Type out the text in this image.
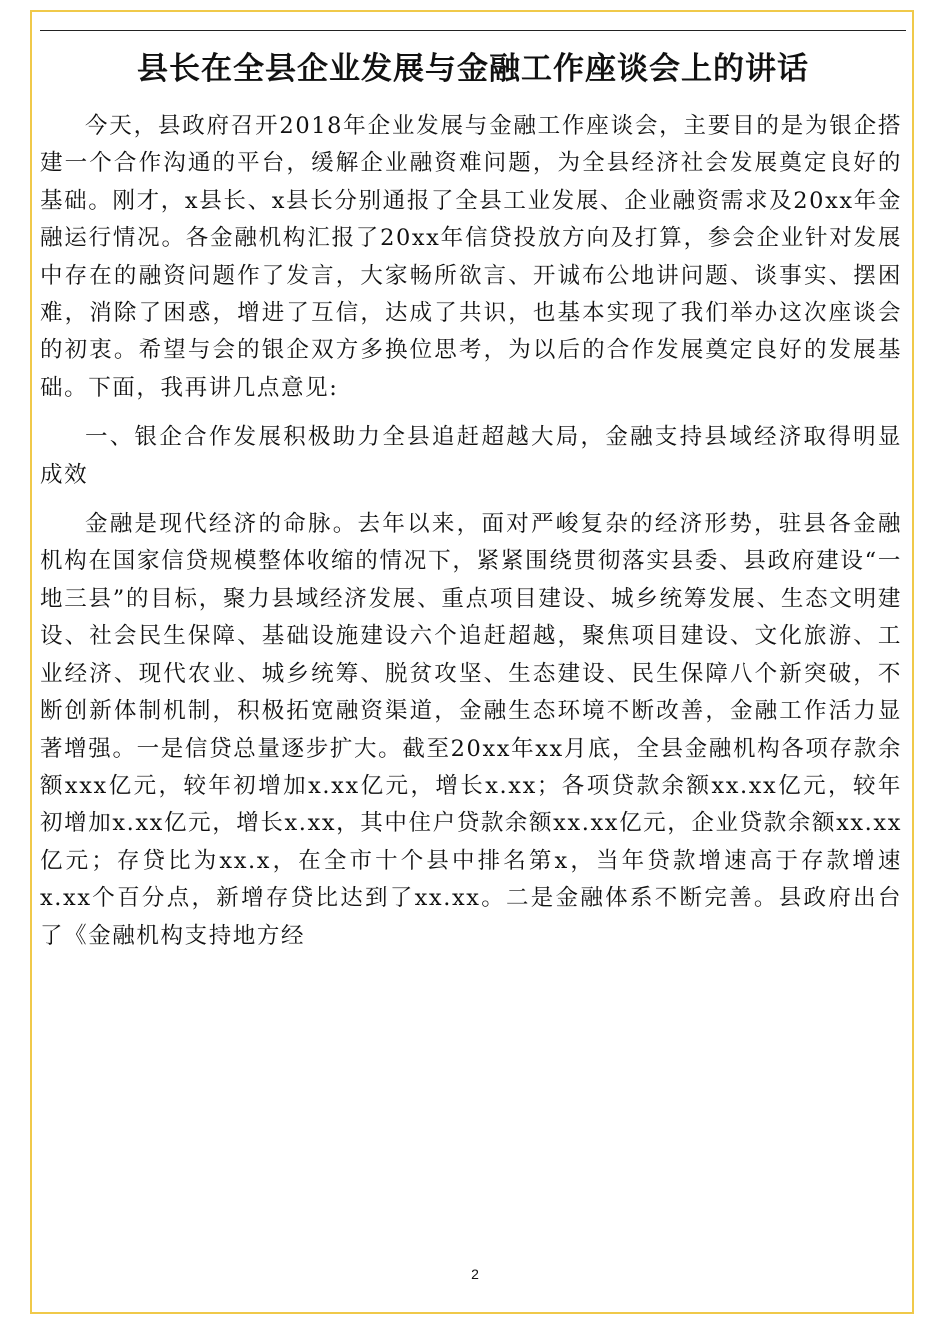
县长在全县企业发展与金融工作座谈会上的讲话

今天，县政府召开2018年企业发展与金融工作座谈会，主要目的是为银企搭建一个合作沟通的平台，缓解企业融资难问题，为全县经济社会发展奠定良好的基础。刚才，x县长、x县长分别通报了全县工业发展、企业融资需求及20xx年金融运行情况。各金融机构汇报了20xx年信贷投放方向及打算，参会企业针对发展中存在的融资问题作了发言，大家畅所欲言、开诚布公地讲问题、谈事实、摆困难，消除了困惑，增进了互信，达成了共识，也基本实现了我们举办这次座谈会的初衷。希望与会的银企双方多换位思考，为以后的合作发展奠定良好的发展基础。下面，我再讲几点意见:

一、银企合作发展积极助力全县追赶超越大局，金融支持县域经济取得明显成效

金融是现代经济的命脉。去年以来，面对严峻复杂的经济形势，驻县各金融机构在国家信贷规模整体收缩的情况下，紧紧围绕贯彻落实县委、县政府建设“一地三县”的目标，聚力县域经济发展、重点项目建设、城乡统筹发展、生态文明建设、社会民生保障、基础设施建设六个追赶超越，聚焦项目建设、文化旅游、工业经济、现代农业、城乡统筹、脱贫攻坚、生态建设、民生保障八个新突破，不断创新体制机制，积极拓宽融资渠道，金融生态环境不断改善，金融工作活力显著增强。一是信贷总量逐步扩大。截至20xx年xx月底，全县金融机构各项存款余额xxx亿元，较年初增加x.xx亿元，增长x.xx；各项贷款余额xx.xx亿元，较年初增加x.xx亿元，增长x.xx，其中住户贷款余额xx.xx亿元，企业贷款余额xx.xx亿元；存贷比为xx.x，在全市十个县中排名第x，当年贷款增速高于存款增速x.xx个百分点，新增存贷比达到了xx.xx。二是金融体系不断完善。县政府出台了《金融机构支持地方经

2
